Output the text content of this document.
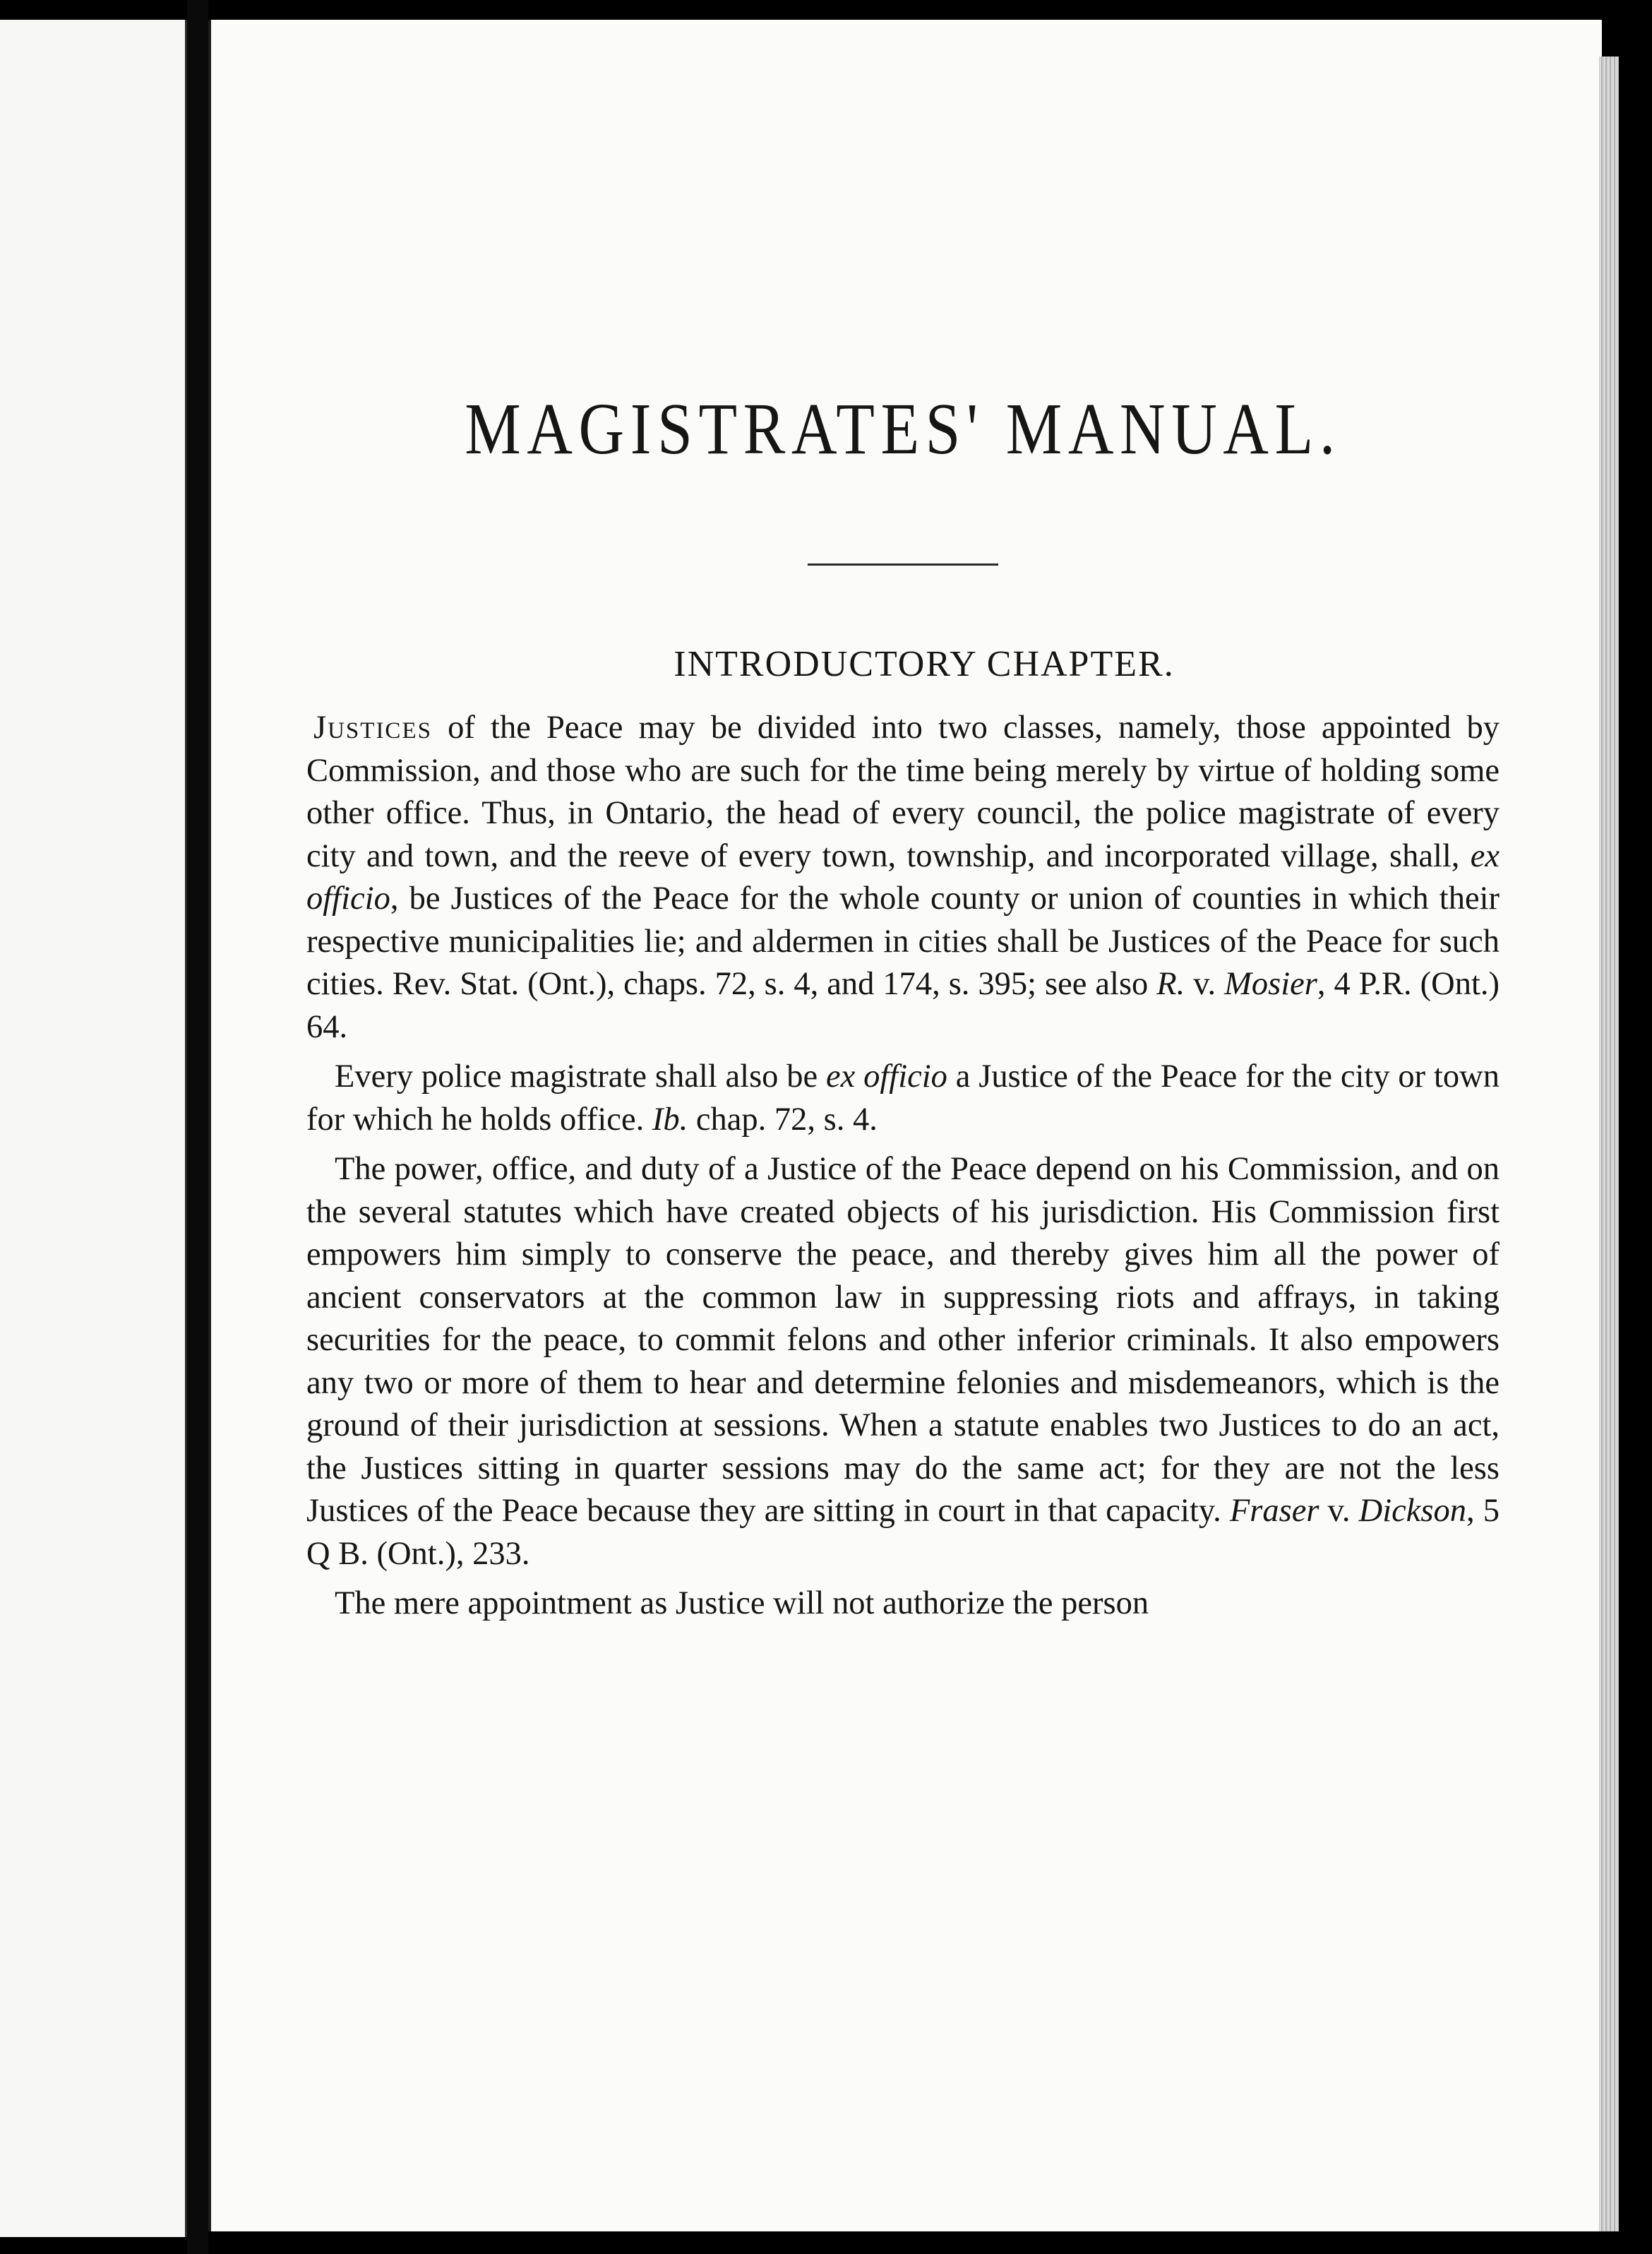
MAGISTRATES' MANUAL.
INTRODUCTORY CHAPTER.

Justices of the Peace may be divided into two classes, namely, those appointed by Commission, and those who are such for the time being merely by virtue of holding some other office. Thus, in Ontario, the head of every council, the police magistrate of every city and town, and the reeve of every town, township, and incorporated village, shall, ex officio, be Justices of the Peace for the whole county or union of counties in which their respective municipalities lie; and aldermen in cities shall be Justices of the Peace for such cities. Rev. Stat. (Ont.), chaps. 72, s. 4, and 174, s. 395; see also R. v. Mosier, 4 P.R. (Ont.) 64.

Every police magistrate shall also be ex officio a Justice of the Peace for the city or town for which he holds office. Ib. chap. 72, s. 4.

The power, office, and duty of a Justice of the Peace depend on his Commission, and on the several statutes which have created objects of his jurisdiction. His Commission first empowers him simply to conserve the peace, and thereby gives him all the power of ancient conservators at the common law in suppressing riots and affrays, in taking securities for the peace, to commit felons and other inferior criminals. It also empowers any two or more of them to hear and determine felonies and misdemeanors, which is the ground of their jurisdiction at sessions. When a statute enables two Justices to do an act, the Justices sitting in quarter sessions may do the same act; for they are not the less Justices of the Peace because they are sitting in court in that capacity. Fraser v. Dickson, 5 Q B. (Ont.), 233.

The mere appointment as Justice will not authorize the person
